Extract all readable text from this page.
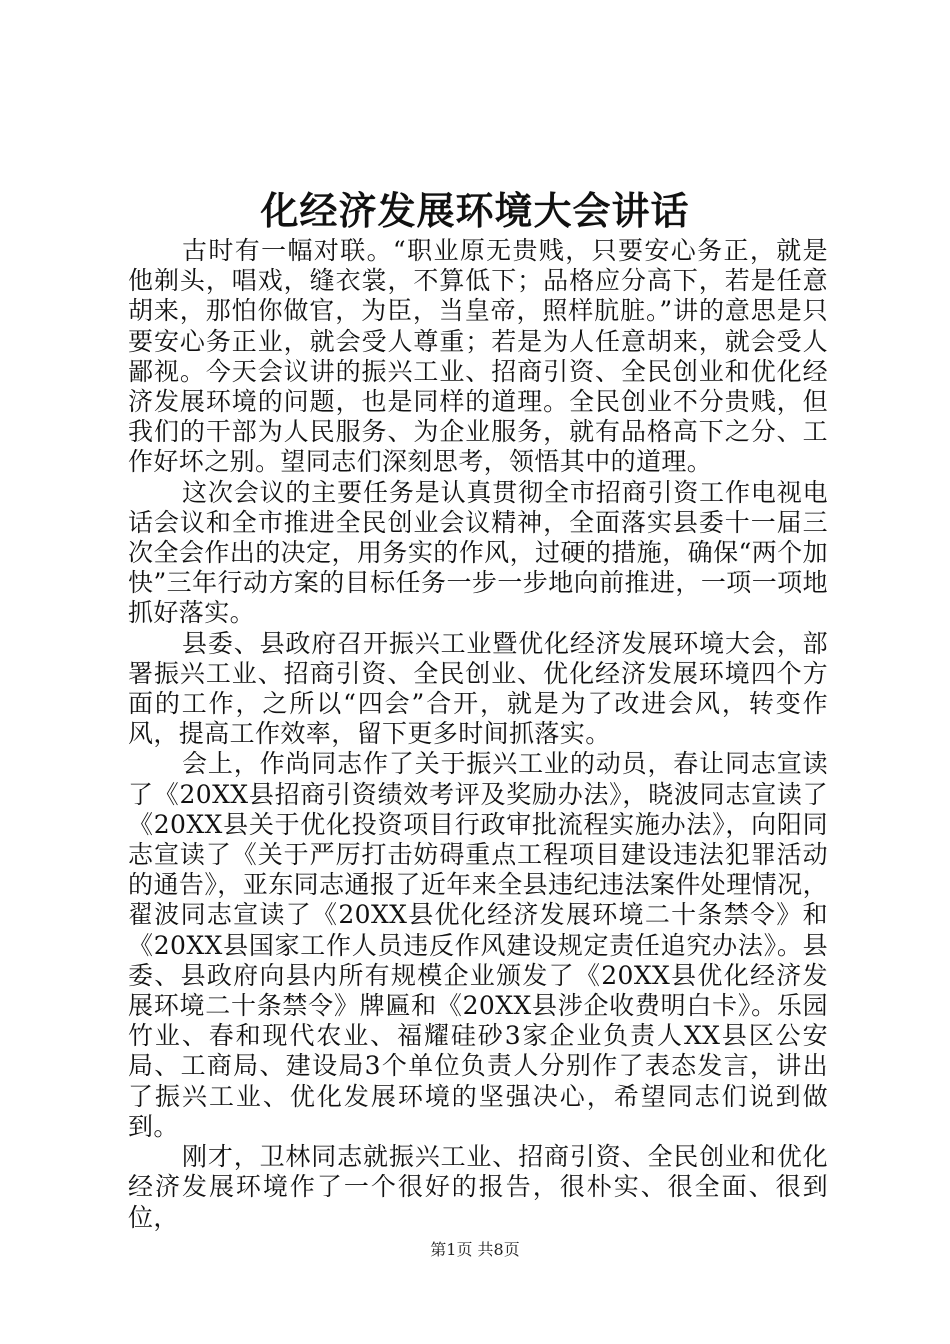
化经济发展环境大会讲话

古时有一幅对联。“职业原无贵贱，只要安心务正，就是他剃头，唱戏，缝衣裳，不算低下；品格应分高下，若是任意胡来，那怕你做官，为臣，当皇帝，照样肮脏。”讲的意思是只要安心务正业，就会受人尊重；若是为人任意胡来，就会受人鄙视。今天会议讲的振兴工业、招商引资、全民创业和优化经济发展环境的问题，也是同样的道理。全民创业不分贵贱，但我们的干部为人民服务、为企业服务，就有品格高下之分、工作好坏之别。望同志们深刻思考，领悟其中的道理。

这次会议的主要任务是认真贯彻全市招商引资工作电视电话会议和全市推进全民创业会议精神，全面落实县委十一届三次全会作出的决定，用务实的作风，过硬的措施，确保“两个加快”三年行动方案的目标任务一步一步地向前推进，一项一项地抓好落实。

县委、县政府召开振兴工业暨优化经济发展环境大会，部署振兴工业、招商引资、全民创业、优化经济发展环境四个方面的工作，之所以“四会”合开，就是为了改进会风，转变作风，提高工作效率，留下更多时间抓落实。

会上，作尚同志作了关于振兴工业的动员，春让同志宣读了《20XX县招商引资绩效考评及奖励办法》，晓波同志宣读了《20XX县关于优化投资项目行政审批流程实施办法》，向阳同志宣读了《关于严厉打击妨碍重点工程项目建设违法犯罪活动的通告》，亚东同志通报了近年来全县违纪违法案件处理情况，翟波同志宣读了《20XX县优化经济发展环境二十条禁令》和《20XX县国家工作人员违反作风建设规定责任追究办法》。县委、县政府向县内所有规模企业颁发了《20XX县优化经济发展环境二十条禁令》牌匾和《20XX县涉企收费明白卡》。乐园竹业、春和现代农业、福耀硅砂3家企业负责人XX县区公安局、工商局、建设局3个单位负责人分别作了表态发言，讲出了振兴工业、优化发展环境的坚强决心，希望同志们说到做到。

刚才，卫林同志就振兴工业、招商引资、全民创业和优化经济发展环境作了一个很好的报告，很朴实、很全面、很到位，

第1页 共8页
